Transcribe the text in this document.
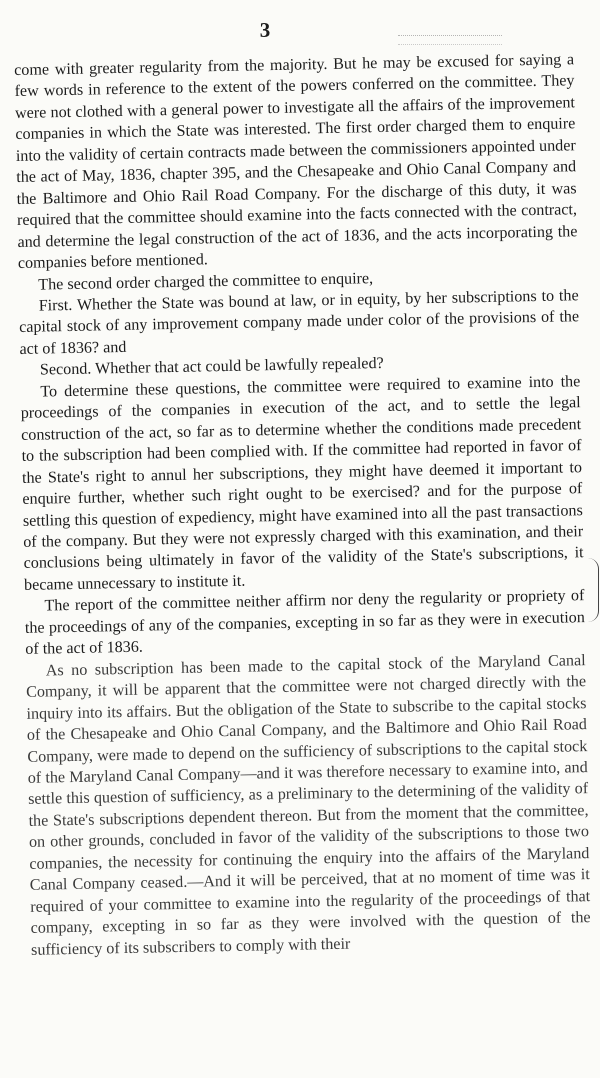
3

come with greater regularity from the majority. But he may be excused for saying a few words in reference to the extent of the powers conferred on the committee. They were not clothed with a general power to investigate all the affairs of the improvement companies in which the State was interested. The first order charged them to enquire into the validity of certain contracts made between the commissioners appointed under the act of May, 1836, chapter 395, and the Chesapeake and Ohio Canal Company and the Baltimore and Ohio Rail Road Company. For the discharge of this duty, it was required that the committee should examine into the facts connected with the contract, and determine the legal construction of the act of 1836, and the acts incorporating the companies before mentioned.

The second order charged the committee to enquire,

First. Whether the State was bound at law, or in equity, by her subscriptions to the capital stock of any improvement company made under color of the provisions of the act of 1836? and

Second. Whether that act could be lawfully repealed?

To determine these questions, the committee were required to examine into the proceedings of the companies in execution of the act, and to settle the legal construction of the act, so far as to determine whether the conditions made precedent to the subscription had been complied with. If the committee had reported in favor of the State's right to annul her subscriptions, they might have deemed it important to enquire further, whether such right ought to be exercised? and for the purpose of settling this question of expediency, might have examined into all the past transactions of the company. But they were not expressly charged with this examination, and their conclusions being ultimately in favor of the validity of the State's subscriptions, it became unnecessary to institute it.

The report of the committee neither affirm nor deny the regularity or propriety of the proceedings of any of the companies, excepting in so far as they were in execution of the act of 1836.

As no subscription has been made to the capital stock of the Maryland Canal Company, it will be apparent that the committee were not charged directly with the inquiry into its affairs. But the obligation of the State to subscribe to the capital stocks of the Chesapeake and Ohio Canal Company, and the Baltimore and Ohio Rail Road Company, were made to depend on the sufficiency of subscriptions to the capital stock of the Maryland Canal Company—and it was therefore necessary to examine into, and settle this question of sufficiency, as a preliminary to the determining of the validity of the State's subscriptions dependent thereon. But from the moment that the committee, on other grounds, concluded in favor of the validity of the subscriptions to those two companies, the necessity for continuing the enquiry into the affairs of the Maryland Canal Company ceased.—And it will be perceived, that at no moment of time was it required of your committee to examine into the regularity of the proceedings of that company, excepting in so far as they were involved with the question of the sufficiency of its subscribers to comply with their
